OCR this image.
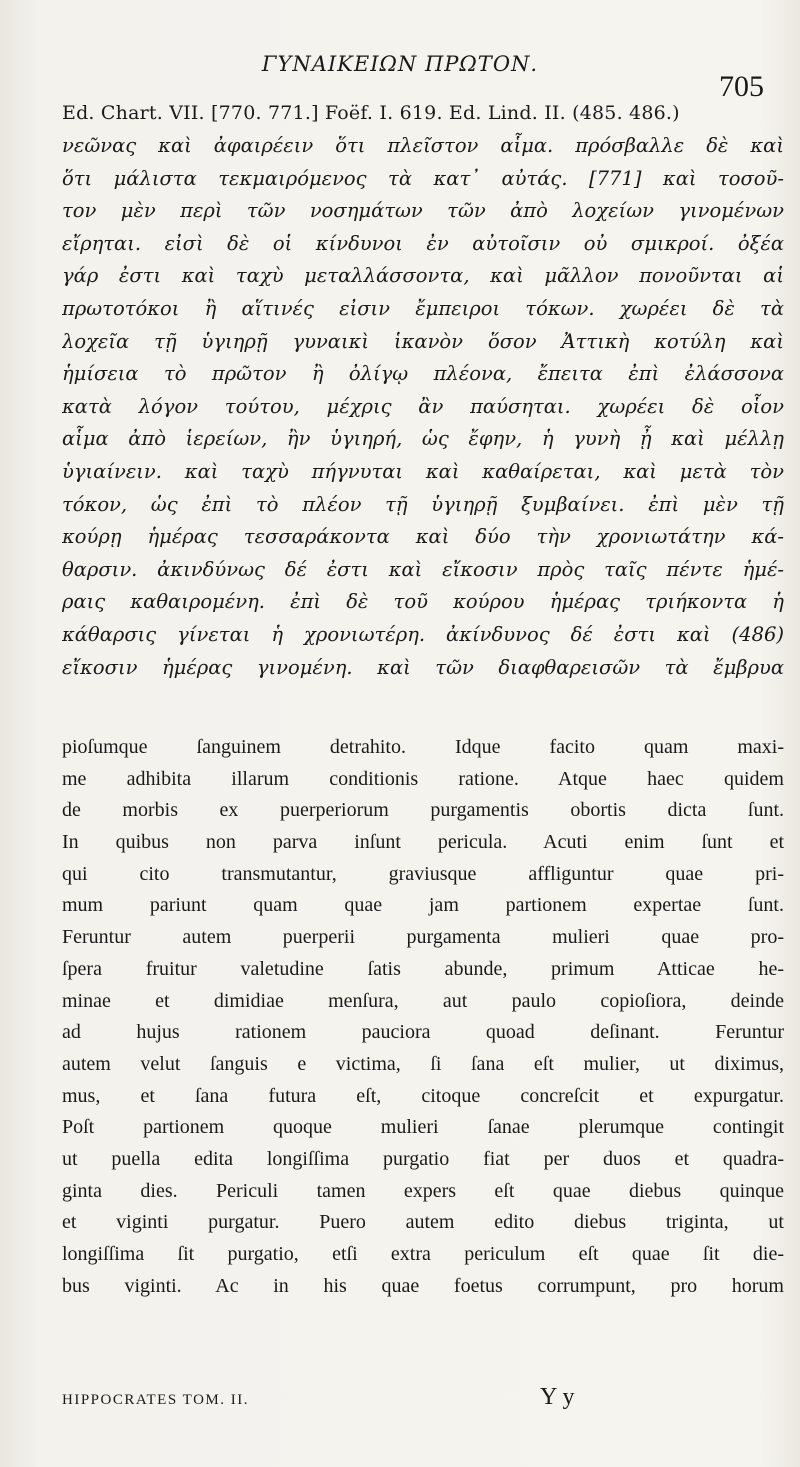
ΓΥΝΑΙΚΕΙΩΝ ΠΡΩΤΟΝ.
705
Ed. Chart. VII. [770. 771.] Foëf. I. 619. Ed. Lind. II. (485. 486.)
νεῶνας καὶ ἀφαιρέειν ὅτι πλεῖστον αἷμα. πρόσβαλλε δὲ καὶ
ὅτι μάλιστα τεκμαιρόμενος τὰ κατ᾽ αὐτάς. [771] καὶ τοσοῦ-
τον μὲν περὶ τῶν νοσημάτων τῶν ἀπὸ λοχείων γινομένων
εἴρηται. εἰσὶ δὲ οἱ κίνδυνοι ἐν αὐτοῖσιν οὐ σμικροί. ὀξέα
γάρ ἐστι καὶ ταχὺ μεταλλάσσοντα, καὶ μᾶλλον πονοῦνται αἱ
πρωτοτόκοι ἢ αἵτινές εἰσιν ἔμπειροι τόκων. χωρέει δὲ τὰ
λοχεῖα τῇ ὑγιηρῇ γυναικὶ ἱκανὸν ὅσον Ἀττικὴ κοτύλη καὶ
ἡμίσεια τὸ πρῶτον ἢ ὀλίγῳ πλέονα, ἔπειτα ἐπὶ ἐλάσσονα
κατὰ λόγον τούτου, μέχρις ἂν παύσηται. χωρέει δὲ οἷον
αἷμα ἀπὸ ἱερείων, ἢν ὑγιηρή, ὡς ἔφην, ἡ γυνὴ ᾖ καὶ μέλλῃ
ὑγιαίνειν. καὶ ταχὺ πήγνυται καὶ καθαίρεται, καὶ μετὰ τὸν
τόκον, ὡς ἐπὶ τὸ πλέον τῇ ὑγιηρῇ ξυμβαίνει. ἐπὶ μὲν τῇ
κούρῃ ἡμέρας τεσσαράκοντα καὶ δύο τὴν χρονιωτάτην κά-
θαρσιν. ἀκινδύνως δέ ἐστι καὶ εἴκοσιν πρὸς ταῖς πέντε ἡμέ-
ραις καθαιρομένη. ἐπὶ δὲ τοῦ κούρου ἡμέρας τριήκοντα ἡ
κάθαρσις γίνεται ἡ χρονιωτέρη. ἀκίνδυνος δέ ἐστι καὶ (486)
εἴκοσιν ἡμέρας γινομένη. καὶ τῶν διαφθαρεισῶν τὰ ἔμβρυα
pioſumque ſanguinem detrahito. Idque facito quam maxi-
me adhibita illarum conditionis ratione. Atque haec quidem
de morbis ex puerperiorum purgamentis obortis dicta ſunt.
In quibus non parva inſunt pericula. Acuti enim ſunt et
qui cito transmutantur, graviusque affliguntur quae pri-
mum pariunt quam quae jam partionem expertae ſunt.
Feruntur autem puerperii purgamenta mulieri quae pro-
ſpera fruitur valetudine ſatis abunde, primum Atticae he-
minae et dimidiae menſura, aut paulo copioſiora, deinde
ad hujus rationem pauciora quoad deſinant. Feruntur
autem velut ſanguis e victima, ſi ſana eſt mulier, ut diximus,
mus, et ſana futura eſt, citoque concreſcit et expurgatur.
Poſt partionem quoque mulieri ſanae plerumque contingit
ut puella edita longiſſima purgatio fiat per duos et quadra-
ginta dies. Periculi tamen expers eſt quae diebus quinque
et viginti purgatur. Puero autem edito diebus triginta, ut
longiſſima ſit purgatio, etſi extra periculum eſt quae ſit die-
bus viginti. Ac in his quae foetus corrumpunt, pro horum
HIPPOCRATES TOM. II.	Y y
